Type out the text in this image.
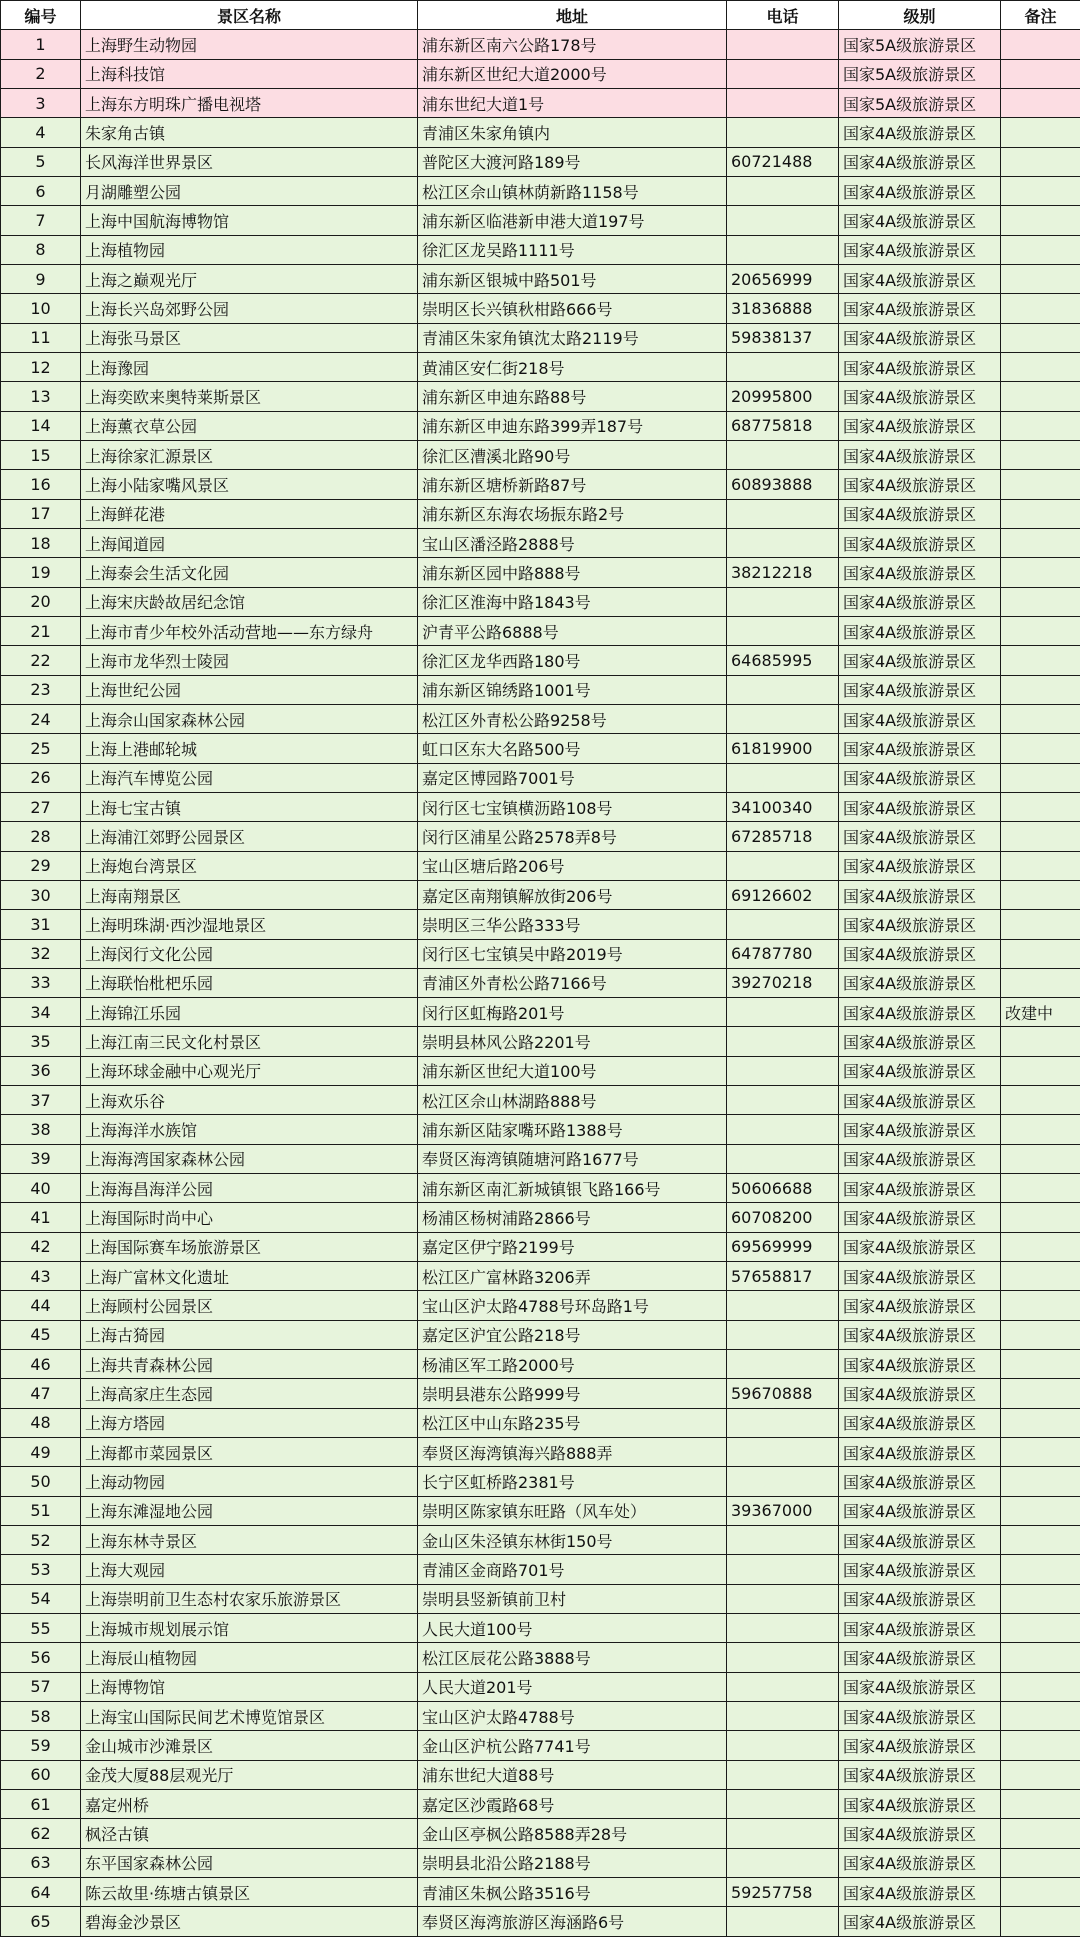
编号	景区名称	地址	电话	级别	备注
1	上海野生动物园	浦东新区南六公路178号		国家5A级旅游景区	
2	上海科技馆	浦东新区世纪大道2000号		国家5A级旅游景区	
3	上海东方明珠广播电视塔	浦东世纪大道1号		国家5A级旅游景区	
4	朱家角古镇	青浦区朱家角镇内		国家4A级旅游景区	
5	长风海洋世界景区	普陀区大渡河路189号	60721488	国家4A级旅游景区	
6	月湖雕塑公园	松江区佘山镇林荫新路1158号		国家4A级旅游景区	
7	上海中国航海博物馆	浦东新区临港新申港大道197号		国家4A级旅游景区	
8	上海植物园	徐汇区龙吴路1111号		国家4A级旅游景区	
9	上海之巅观光厅	浦东新区银城中路501号	20656999	国家4A级旅游景区	
10	上海长兴岛郊野公园	崇明区长兴镇秋柑路666号	31836888	国家4A级旅游景区	
11	上海张马景区	青浦区朱家角镇沈太路2119号	59838137	国家4A级旅游景区	
12	上海豫园	黄浦区安仁街218号		国家4A级旅游景区	
13	上海奕欧来奥特莱斯景区	浦东新区申迪东路88号	20995800	国家4A级旅游景区	
14	上海薰衣草公园	浦东新区申迪东路399弄187号	68775818	国家4A级旅游景区	
15	上海徐家汇源景区	徐汇区漕溪北路90号		国家4A级旅游景区	
16	上海小陆家嘴风景区	浦东新区塘桥新路87号	60893888	国家4A级旅游景区	
17	上海鲜花港	浦东新区东海农场振东路2号		国家4A级旅游景区	
18	上海闻道园	宝山区潘泾路2888号		国家4A级旅游景区	
19	上海泰会生活文化园	浦东新区园中路888号	38212218	国家4A级旅游景区	
20	上海宋庆龄故居纪念馆	徐汇区淮海中路1843号		国家4A级旅游景区	
21	上海市青少年校外活动营地——东方绿舟	沪青平公路6888号		国家4A级旅游景区	
22	上海市龙华烈士陵园	徐汇区龙华西路180号	64685995	国家4A级旅游景区	
23	上海世纪公园	浦东新区锦绣路1001号		国家4A级旅游景区	
24	上海佘山国家森林公园	松江区外青松公路9258号		国家4A级旅游景区	
25	上海上港邮轮城	虹口区东大名路500号	61819900	国家4A级旅游景区	
26	上海汽车博览公园	嘉定区博园路7001号		国家4A级旅游景区	
27	上海七宝古镇	闵行区七宝镇横沥路108号	34100340	国家4A级旅游景区	
28	上海浦江郊野公园景区	闵行区浦星公路2578弄8号	67285718	国家4A级旅游景区	
29	上海炮台湾景区	宝山区塘后路206号		国家4A级旅游景区	
30	上海南翔景区	嘉定区南翔镇解放街206号	69126602	国家4A级旅游景区	
31	上海明珠湖·西沙湿地景区	崇明区三华公路333号		国家4A级旅游景区	
32	上海闵行文化公园	闵行区七宝镇吴中路2019号	64787780	国家4A级旅游景区	
33	上海联怡枇杷乐园	青浦区外青松公路7166号	39270218	国家4A级旅游景区	
34	上海锦江乐园	闵行区虹梅路201号		国家4A级旅游景区	改建中
35	上海江南三民文化村景区	崇明县林风公路2201号		国家4A级旅游景区	
36	上海环球金融中心观光厅	浦东新区世纪大道100号		国家4A级旅游景区	
37	上海欢乐谷	松江区佘山林湖路888号		国家4A级旅游景区	
38	上海海洋水族馆	浦东新区陆家嘴环路1388号		国家4A级旅游景区	
39	上海海湾国家森林公园	奉贤区海湾镇随塘河路1677号		国家4A级旅游景区	
40	上海海昌海洋公园	浦东新区南汇新城镇银飞路166号	50606688	国家4A级旅游景区	
41	上海国际时尚中心	杨浦区杨树浦路2866号	60708200	国家4A级旅游景区	
42	上海国际赛车场旅游景区	嘉定区伊宁路2199号	69569999	国家4A级旅游景区	
43	上海广富林文化遗址	松江区广富林路3206弄	57658817	国家4A级旅游景区	
44	上海顾村公园景区	宝山区沪太路4788号环岛路1号		国家4A级旅游景区	
45	上海古猗园	嘉定区沪宜公路218号		国家4A级旅游景区	
46	上海共青森林公园	杨浦区军工路2000号		国家4A级旅游景区	
47	上海高家庄生态园	崇明县港东公路999号	59670888	国家4A级旅游景区	
48	上海方塔园	松江区中山东路235号		国家4A级旅游景区	
49	上海都市菜园景区	奉贤区海湾镇海兴路888弄		国家4A级旅游景区	
50	上海动物园	长宁区虹桥路2381号		国家4A级旅游景区	
51	上海东滩湿地公园	崇明区陈家镇东旺路（风车处）	39367000	国家4A级旅游景区	
52	上海东林寺景区	金山区朱泾镇东林街150号		国家4A级旅游景区	
53	上海大观园	青浦区金商路701号		国家4A级旅游景区	
54	上海崇明前卫生态村农家乐旅游景区	崇明县竖新镇前卫村		国家4A级旅游景区	
55	上海城市规划展示馆	人民大道100号		国家4A级旅游景区	
56	上海辰山植物园	松江区辰花公路3888号		国家4A级旅游景区	
57	上海博物馆	人民大道201号		国家4A级旅游景区	
58	上海宝山国际民间艺术博览馆景区	宝山区沪太路4788号		国家4A级旅游景区	
59	金山城市沙滩景区	金山区沪杭公路7741号		国家4A级旅游景区	
60	金茂大厦88层观光厅	浦东世纪大道88号		国家4A级旅游景区	
61	嘉定州桥	嘉定区沙霞路68号		国家4A级旅游景区	
62	枫泾古镇	金山区亭枫公路8588弄28号		国家4A级旅游景区	
63	东平国家森林公园	崇明县北沿公路2188号		国家4A级旅游景区	
64	陈云故里·练塘古镇景区	青浦区朱枫公路3516号	59257758	国家4A级旅游景区	
65	碧海金沙景区	奉贤区海湾旅游区海涵路6号		国家4A级旅游景区	
